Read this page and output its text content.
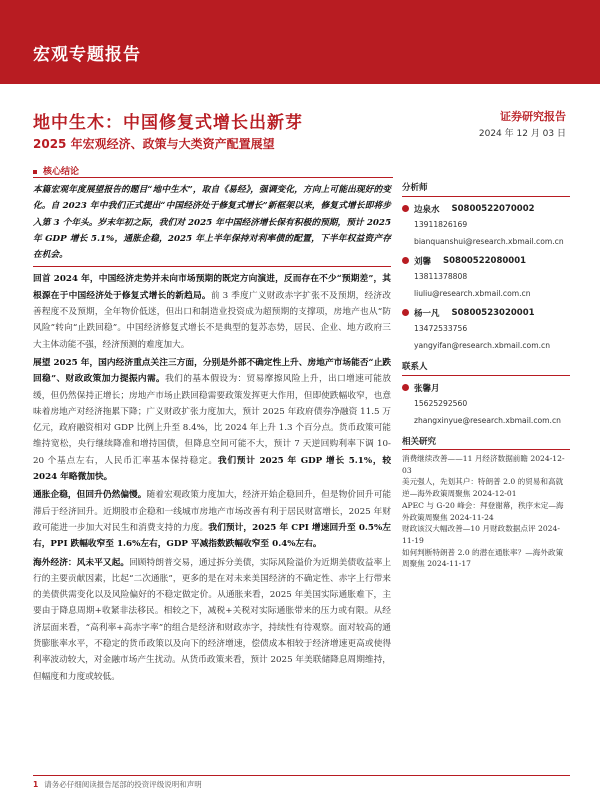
宏观专题报告
地中生木：中国修复式增长出新芽	证券研究报告
2024 年 12 月 03 日
2025 年宏观经济、政策与大类资产配置展望
核心结论

本篇宏观年度展望报告的题目“地中生木”，取自《易经》，强调变化，方向上可能出现好的变化。自 2023 年中我们正式提出“中国经济处于修复式增长”新框架以来，修复式增长即将步入第 3 个年头。岁末年初之际，我们对 2025 年中国经济增长保有积极的预期，预计 2025 年 GDP 增长 5.1%，通胀企稳，2025 年上半年保持对利率债的配置，下半年权益资产存在机会。

回首 2024 年，中国经济走势并未向市场预期的既定方向演进，反而存在不少“预期差”，其根源在于中国经济处于修复式增长的新趋局。前 3 季度广义财政赤字扩张不及预期，经济改善程度不及预期，全年物价低迷，但出口和制造业投资成为超预期的支撑项，房地产也从“防风险”转向“止跌回稳”。中国经济修复式增长不是典型的复苏态势，居民、企业、地方政府三大主体动能不强，经济预测的难度加大。

展望 2025 年，国内经济重点关注三方面，分别是外部不确定性上升、房地产市场能否“止跌回稳”、财政政策加力提振内需。我们的基本假设为：贸易摩擦风险上升，出口增速可能放缓，但仍然保持正增长；房地产市场止跌回稳需要政策发挥更大作用，但即使跌幅收窄，也意味着房地产对经济拖累下降；广义财政扩张力度加大，预计 2025 年政府债券净融资 11.5 万亿元，政府融资相对 GDP 比例上升至 8.4%，比 2024 年上升 1.3 个百分点。货币政策可能维持宽松，央行继续降准和增持国债，但降息空间可能不大，预计 7 天逆回购利率下调 10-20 个基点左右，人民币汇率基本保持稳定。我们预计 2025 年 GDP 增长 5.1%，较 2024 年略微加快。

通胀企稳，但回升仍然偏慢。随着宏观政策力度加大，经济开始企稳回升，但是物价回升可能滞后于经济回升。近期股市企稳和一线城市房地产市场改善有利于居民财富增长，2025 年财政可能进一步加大对民生和消费支持的力度。我们预计，2025 年 CPI 增速回升至 0.5%左右，PPI 跌幅收窄至 1.6%左右，GDP 平减指数跌幅收窄至 0.4%左右。

海外经济：风未平又起。回顾特朗普交易，通过拆分美债，实际风险溢价为近期美债收益率上行的主要贡献因素，比起“二次通胀”，更多的是在对未来美国经济的不确定性、赤字上行带来的美债供需变化以及风险偏好的不稳定做定价。从通胀来看，2025 年美国实际通胀难下，主要由于降息周期+收紧非法移民。相较之下，减税+关税对实际通胀带来的压力或有限。从经济层面来看，“高利率+高赤字率”的组合是经济和财政赤字，持续性有待观察。面对较高的通货膨胀率水平，不稳定的货币政策以及向下的经济增速，偿债成本相较于经济增速更高或使得利率波动较大，对金融市场产生扰动。从货币政策来看，预计 2025 年美联储降息周期维持，但幅度和力度或较低。

分析师
边泉水 S0800522070002
13911826169
bianquanshui@research.xbmail.com.cn
刘馨 S0800522080001
13811378808
liuliu@research.xbmail.com.cn
杨一凡 S0800523020001
13472533756
yangyifan@research.xbmail.com.cn
联系人
张馨月
15625292560
zhangxinyue@research.xbmail.com.cn
相关研究
消费继续改善——11 月经济数据前瞻 2024-12-03
美元强人，先划其户：特朗普 2.0 的贸易和高就逆—海外政策周聚焦 2024-12-01
APEC 与 G-20 峰会：拜登谢幕，秩序未定—海外政策周聚焦 2024-11-24
财政该汉大幅改善—10 月财政数据点评 2024-11-19
如何判断特朗普 2.0 的潜在通胀率？—海外政策周聚焦 2024-11-17
1 请务必仔细阅读报告尾部的投资评级说明和声明
